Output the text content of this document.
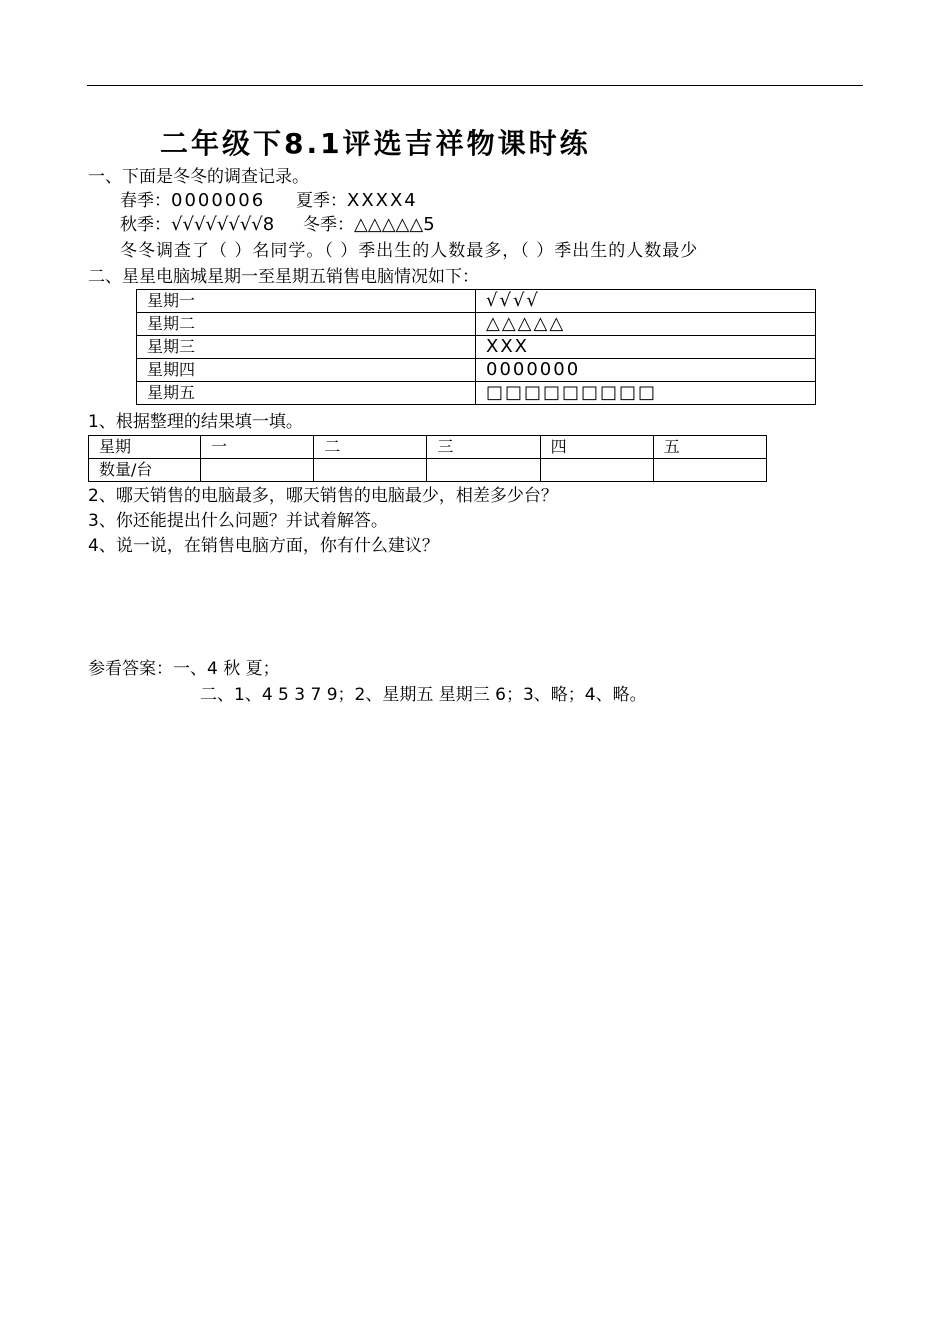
二年级下8.1评选吉祥物课时练
一、下面是冬冬的调查记录。
春季：0000006 夏季：XXXX4
秋季：√√√√√√√√8 冬季：△△△△△5
冬冬调查了（ ）名同学。（ ）季出生的人数最多，（ ）季出生的人数最少
二、星星电脑城星期一至星期五销售电脑情况如下：
星期一	√√√√
星期二	△△△△△
星期三	XXX
星期四	0000000
星期五	□□□□□□□□□
1、根据整理的结果填一填。
星期	一	二	三	四	五
数量/台					
2、哪天销售的电脑最多，哪天销售的电脑最少，相差多少台？
3、你还能提出什么问题？并试着解答。
4、说一说，在销售电脑方面，你有什么建议？
参看答案：一、4 秋 夏；
二、1、4 5 3 7 9；2、星期五 星期三 6；3、略；4、略。
